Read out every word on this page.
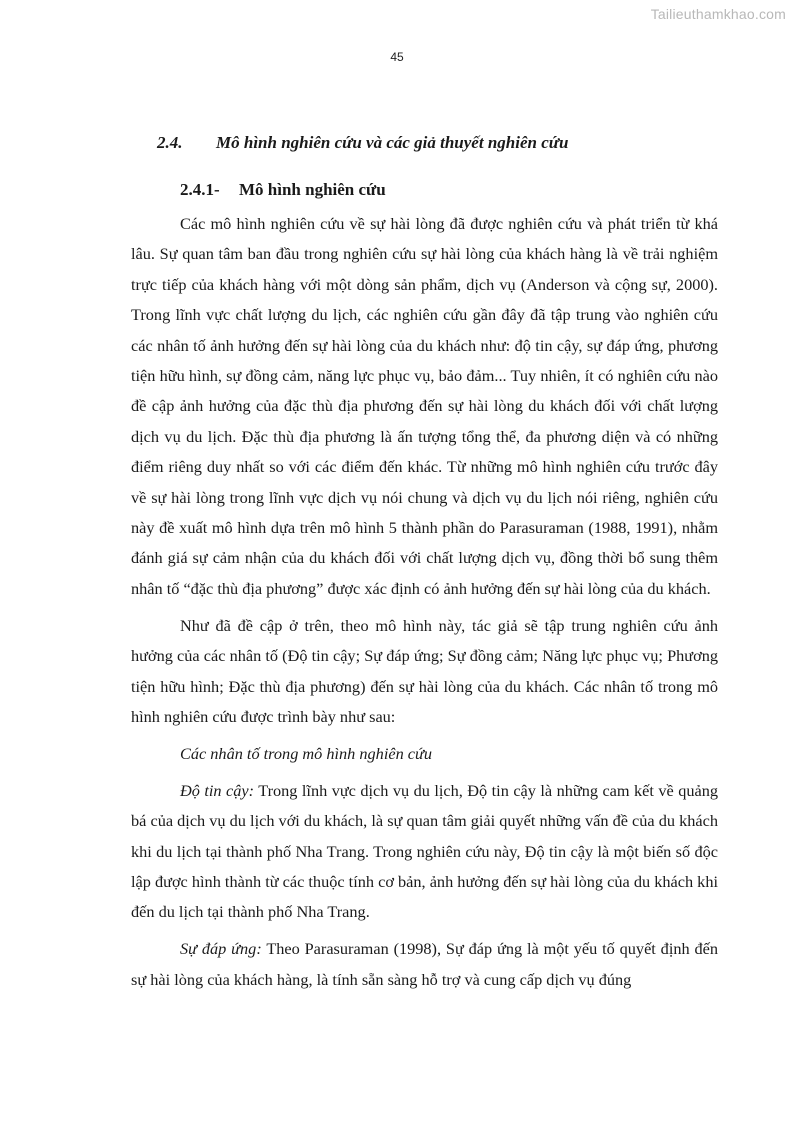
Tailieuthamkhao.com
45
2.4. Mô hình nghiên cứu và các giả thuyết nghiên cứu
2.4.1- Mô hình nghiên cứu

Các mô hình nghiên cứu về sự hài lòng đã được nghiên cứu và phát triển từ khá lâu. Sự quan tâm ban đầu trong nghiên cứu sự hài lòng của khách hàng là về trải nghiệm trực tiếp của khách hàng với một dòng sản phẩm, dịch vụ (Anderson và cộng sự, 2000). Trong lĩnh vực chất lượng du lịch, các nghiên cứu gần đây đã tập trung vào nghiên cứu các nhân tố ảnh hưởng đến sự hài lòng của du khách như: độ tin cậy, sự đáp ứng, phương tiện hữu hình, sự đồng cảm, năng lực phục vụ, bảo đảm... Tuy nhiên, ít có nghiên cứu nào đề cập ảnh hưởng của đặc thù địa phương đến sự hài lòng du khách đối với chất lượng dịch vụ du lịch. Đặc thù địa phương là ấn tượng tổng thể, đa phương diện và có những điểm riêng duy nhất so với các điểm đến khác. Từ những mô hình nghiên cứu trước đây về sự hài lòng trong lĩnh vực dịch vụ nói chung và dịch vụ du lịch nói riêng, nghiên cứu này đề xuất mô hình dựa trên mô hình 5 thành phần do Parasuraman (1988, 1991), nhằm đánh giá sự cảm nhận của du khách đối với chất lượng dịch vụ, đồng thời bổ sung thêm nhân tố “đặc thù địa phương” được xác định có ảnh hưởng đến sự hài lòng của du khách.

Như đã đề cập ở trên, theo mô hình này, tác giả sẽ tập trung nghiên cứu ảnh hưởng của các nhân tố (Độ tin cậy; Sự đáp ứng; Sự đồng cảm; Năng lực phục vụ; Phương tiện hữu hình; Đặc thù địa phương) đến sự hài lòng của du khách. Các nhân tố trong mô hình nghiên cứu được trình bày như sau:

Các nhân tố trong mô hình nghiên cứu

Độ tin cậy: Trong lĩnh vực dịch vụ du lịch, Độ tin cậy là những cam kết về quảng bá của dịch vụ du lịch với du khách, là sự quan tâm giải quyết những vấn đề của du khách khi du lịch tại thành phố Nha Trang. Trong nghiên cứu này, Độ tin cậy là một biến số độc lập được hình thành từ các thuộc tính cơ bản, ảnh hưởng đến sự hài lòng của du khách khi đến du lịch tại thành phố Nha Trang.

Sự đáp ứng: Theo Parasuraman (1998), Sự đáp ứng là một yếu tố quyết định đến sự hài lòng của khách hàng, là tính sẵn sàng hỗ trợ và cung cấp dịch vụ đúng
